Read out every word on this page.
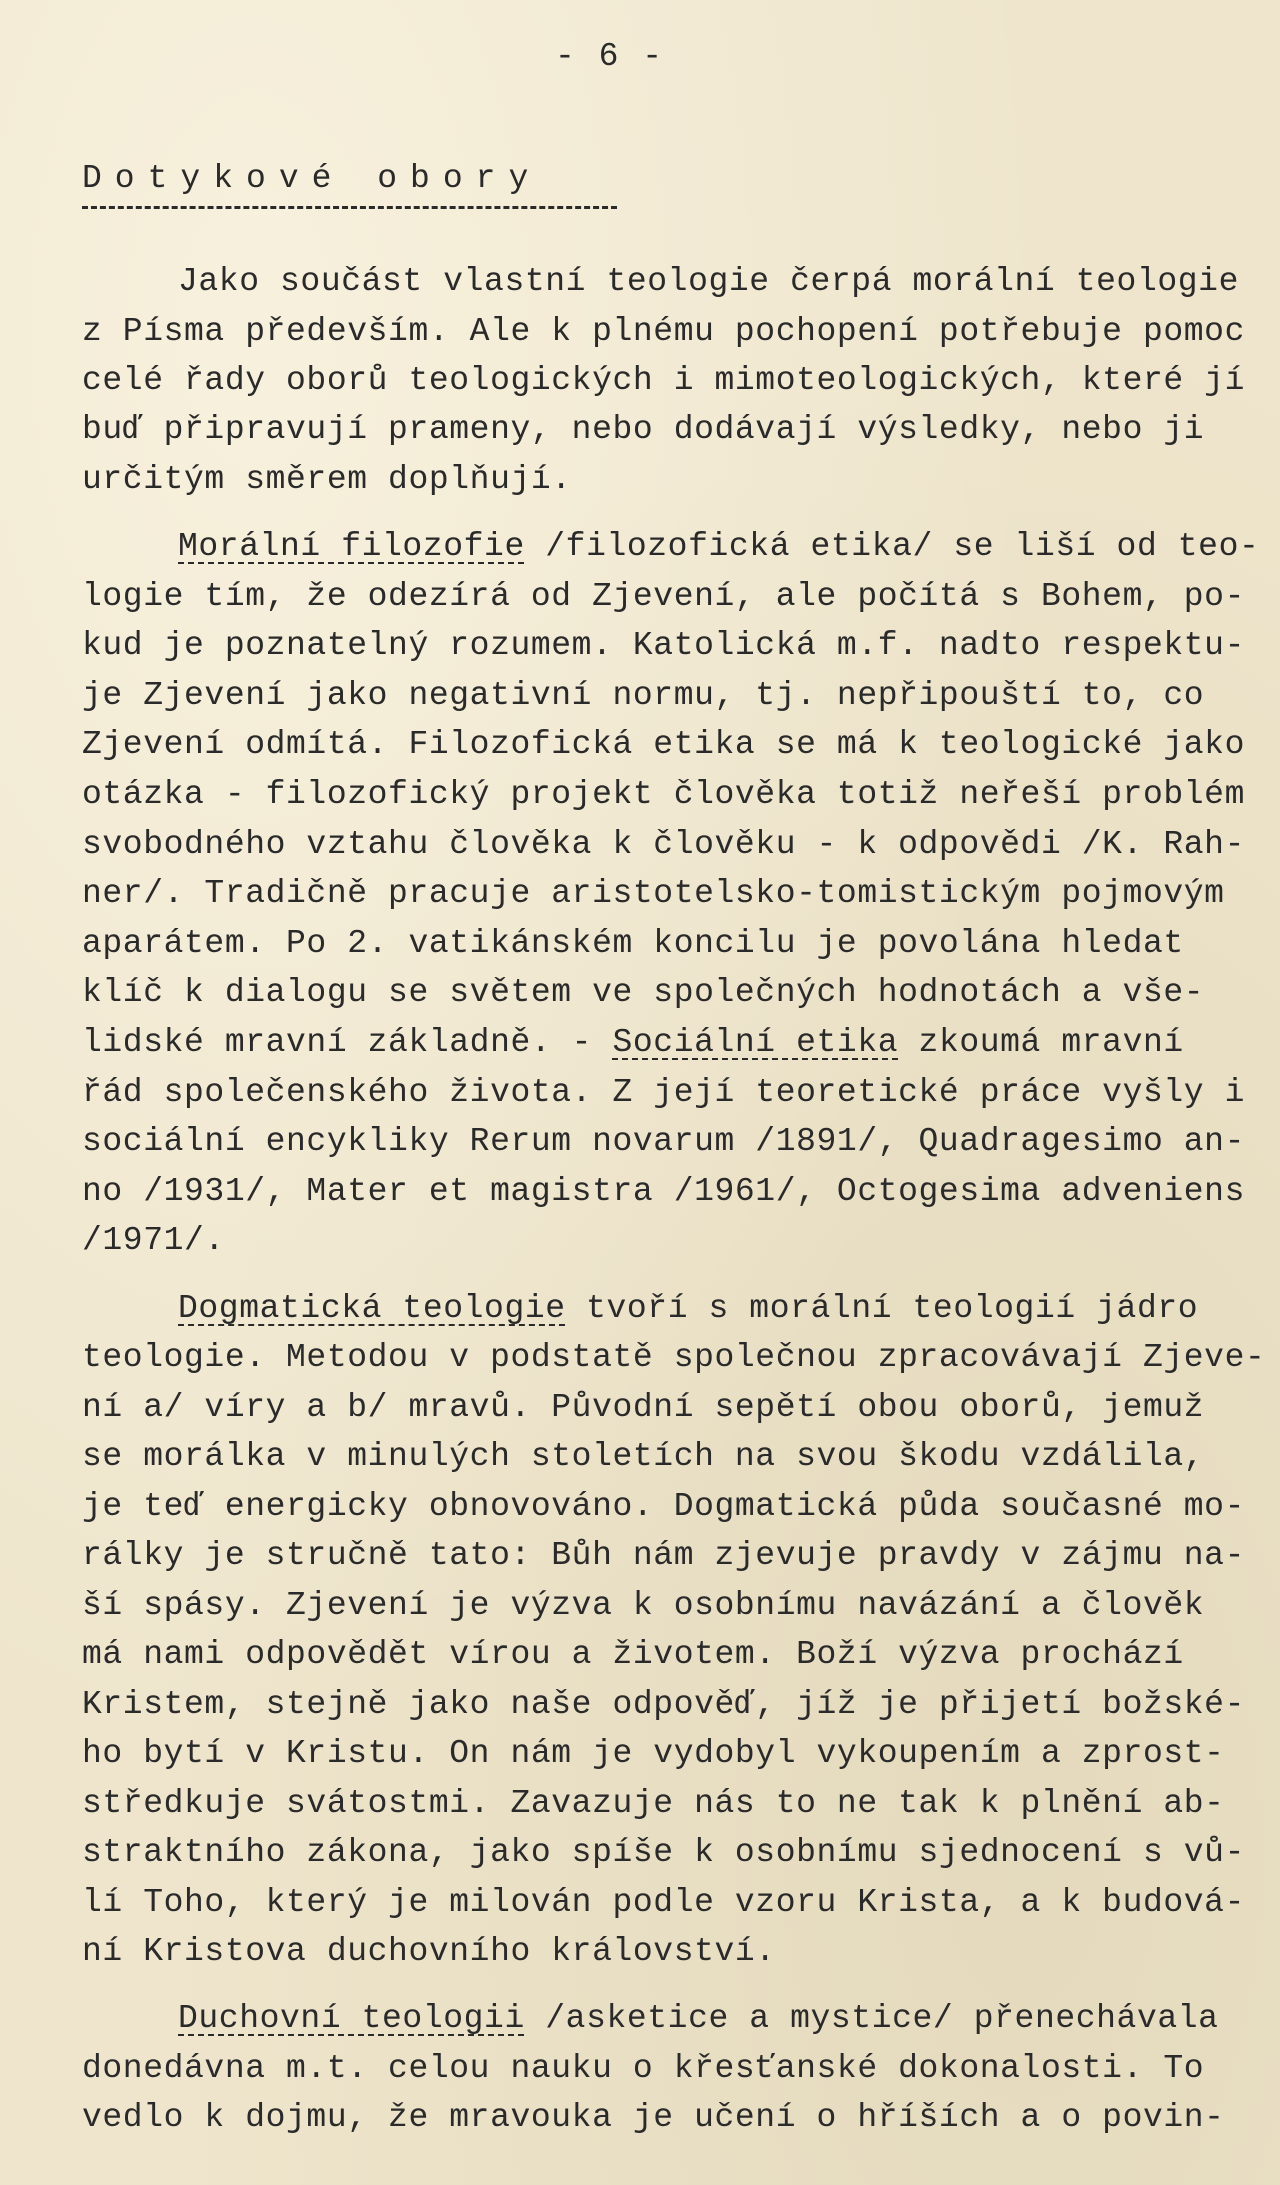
- 6 -
Dotykové obory
Jako součást vlastní teologie čerpá morální teologie
z Písma především. Ale k plnému pochopení potřebuje pomoc
celé řady oborů teologických i mimoteologických, které jí
buď připravují prameny, nebo dodávají výsledky, nebo ji
určitým směrem doplňují.
Morální filozofie /filozofická etika/ se liší od teo-
logie tím, že odezírá od Zjevení, ale počítá s Bohem, po-
kud je poznatelný rozumem. Katolická m.f. nadto respektu-
je Zjevení jako negativní normu, tj. nepřipouští to, co
Zjevení odmítá. Filozofická etika se má k teologické jako
otázka - filozofický projekt člověka totiž neřeší problém
svobodného vztahu člověka k člověku - k odpovědi /K. Rah-
ner/. Tradičně pracuje aristotelsko-tomistickým pojmovým
aparátem. Po 2. vatikánském koncilu je povolána hledat
klíč k dialogu se světem ve společných hodnotách a vše-
lidské mravní základně. - Sociální etika zkoumá mravní
řád společenského života. Z její teoretické práce vyšly i
sociální encykliky Rerum novarum /1891/, Quadragesimo an-
no /1931/, Mater et magistra /1961/, Octogesima adveniens
/1971/.
Dogmatická teologie tvoří s morální teologií jádro
teologie. Metodou v podstatě společnou zpracovávají Zjeve-
ní a/ víry a b/ mravů. Původní sepětí obou oborů, jemuž
se morálka v minulých stoletích na svou škodu vzdálila,
je teď energicky obnovováno. Dogmatická půda současné mo-
rálky je stručně tato: Bůh nám zjevuje pravdy v zájmu na-
ší spásy. Zjevení je výzva k osobnímu navázání a člověk
má nami odpovědět vírou a životem. Boží výzva prochází
Kristem, stejně jako naše odpověď, jíž je přijetí božské-
ho bytí v Kristu. On nám je vydobyl vykoupením a zprost-
středkuje svátostmi. Zavazuje nás to ne tak k plnění ab-
straktního zákona, jako spíše k osobnímu sjednocení s vů-
lí Toho, který je milován podle vzoru Krista, a k budová-
ní Kristova duchovního království.
Duchovní teologii /asketice a mystice/ přenechávala
donedávna m.t. celou nauku o křesťanské dokonalosti. To
vedlo k dojmu, že mravouka je učení o hříších a o povin-
